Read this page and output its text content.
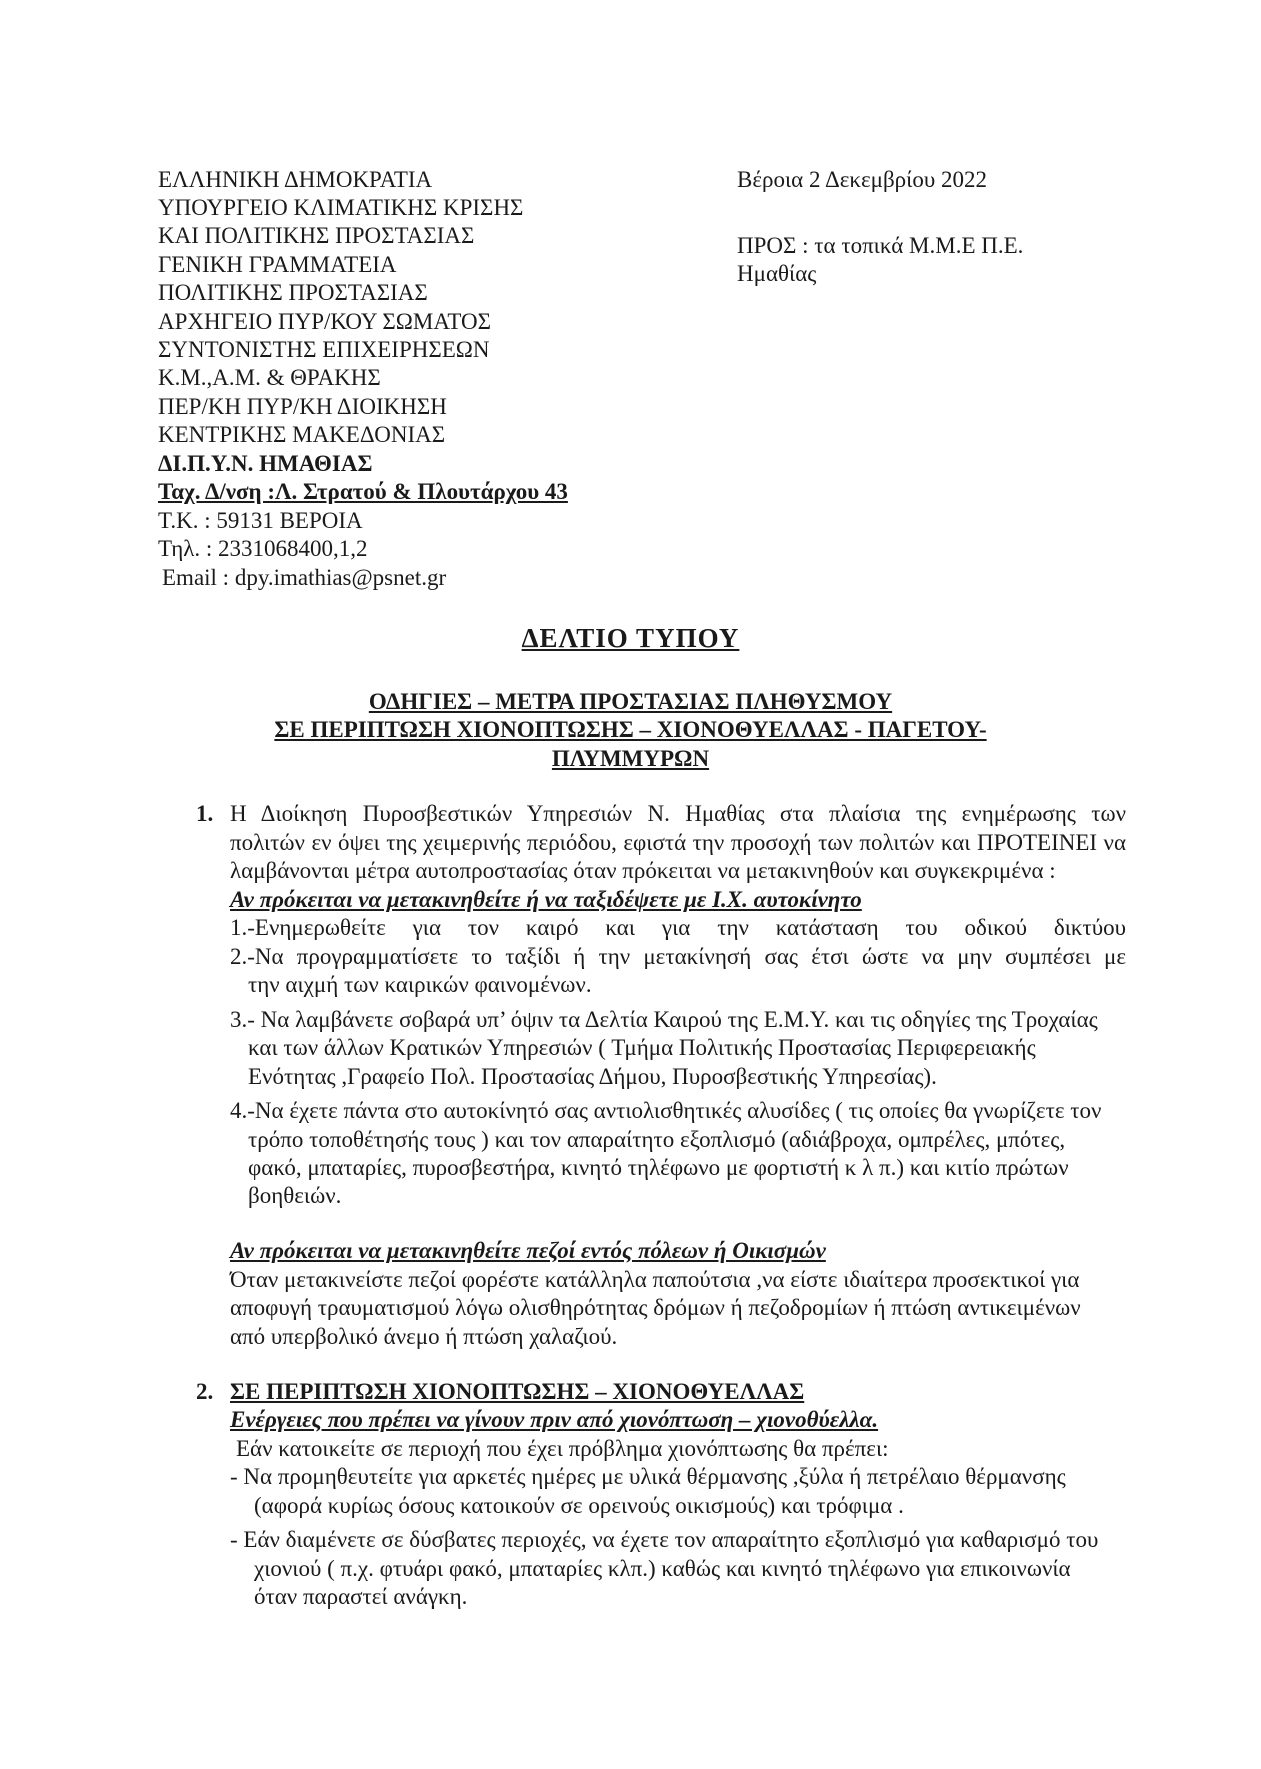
ΕΛΛΗΝΙΚΗ ΔΗΜΟΚΡΑΤΙΑ
ΥΠΟΥΡΓΕΙΟ ΚΛΙΜΑΤΙΚΗΣ ΚΡΙΣΗΣ
ΚΑΙ ΠΟΛΙΤΙΚΗΣ ΠΡΟΣΤΑΣΙΑΣ
ΓΕΝΙΚΗ ΓΡΑΜΜΑΤΕΙΑ
ΠΟΛΙΤΙΚΗΣ ΠΡΟΣΤΑΣΙΑΣ
ΑΡΧΗΓΕΙΟ ΠΥΡ/ΚΟΥ ΣΩΜΑΤΟΣ
ΣΥΝΤΟΝΙΣΤΗΣ ΕΠΙΧΕΙΡΗΣΕΩΝ
Κ.Μ.,Α.Μ. & ΘΡΑΚΗΣ
ΠΕΡ/ΚΗ ΠΥΡ/ΚΗ ΔΙΟΙΚΗΣΗ
ΚΕΝΤΡΙΚΗΣ ΜΑΚΕΔΟΝΙΑΣ
ΔΙ.Π.Υ.Ν. ΗΜΑΘΙΑΣ
Ταχ. Δ/νση :Λ. Στρατού & Πλουτάρχου 43
Τ.Κ. : 59131 ΒΕΡΟΙΑ
Τηλ. : 2331068400,1,2
Email : dpy.imathias@psnet.gr
Βέροια 2 Δεκεμβρίου 2022
ΠΡΟΣ : τα τοπικά Μ.Μ.Ε Π.Ε.
Ημαθίας
ΔΕΛΤΙΟ ΤΥΠΟΥ
ΟΔΗΓΙΕΣ – ΜΕΤΡΑ ΠΡΟΣΤΑΣΙΑΣ ΠΛΗΘΥΣΜΟΥ
ΣΕ ΠΕΡΙΠΤΩΣΗ ΧΙΟΝΟΠΤΩΣΗΣ – ΧΙΟΝΟΘΥΕΛΛΑΣ - ΠΑΓΕΤΟΥ-
ΠΛΥΜΜΥΡΩΝ
1. Η Διοίκηση Πυροσβεστικών Υπηρεσιών Ν. Ημαθίας στα πλαίσια της ενημέρωσης των
πολιτών εν όψει της χειμερινής περιόδου, εφιστά την προσοχή των πολιτών και ΠΡΟΤΕΙΝΕΙ να
λαμβάνονται μέτρα αυτοπροστασίας όταν πρόκειται να μετακινηθούν και συγκεκριμένα :
Αν πρόκειται να μετακινηθείτε ή να ταξιδέψετε με Ι.Χ. αυτοκίνητο
1.-Ενημερωθείτε για τον καιρό και για την κατάσταση του οδικού δικτύου
2.-Να προγραμματίσετε το ταξίδι ή την μετακίνησή σας έτσι ώστε να μην συμπέσει με
την αιχμή των καιρικών φαινομένων.
3.- Να λαμβάνετε σοβαρά υπ’ όψιν τα Δελτία Καιρού της Ε.Μ.Υ. και τις οδηγίες της Τροχαίας
και των άλλων Κρατικών Υπηρεσιών ( Τμήμα Πολιτικής Προστασίας Περιφερειακής
Ενότητας ,Γραφείο Πολ. Προστασίας Δήμου, Πυροσβεστικής Υπηρεσίας).
4.-Να έχετε πάντα στο αυτοκίνητό σας αντιολισθητικές αλυσίδες ( τις οποίες θα γνωρίζετε τον
τρόπο τοποθέτησής τους ) και τον απαραίτητο εξοπλισμό (αδιάβροχα, ομπρέλες, μπότες,
φακό, μπαταρίες, πυροσβεστήρα, κινητό τηλέφωνο με φορτιστή κ λ π.) και κιτίο πρώτων
βοηθειών.
Αν πρόκειται να μετακινηθείτε πεζοί εντός πόλεων ή Οικισμών
Όταν μετακινείστε πεζοί φορέστε κατάλληλα παπούτσια ,να είστε ιδιαίτερα προσεκτικοί για
αποφυγή τραυματισμού λόγω ολισθηρότητας δρόμων ή πεζοδρομίων ή πτώση αντικειμένων
από υπερβολικό άνεμο ή πτώση χαλαζιού.
2. ΣΕ ΠΕΡΙΠΤΩΣΗ ΧΙΟΝΟΠΤΩΣΗΣ – ΧΙΟΝΟΘΥΕΛΛΑΣ
Ενέργειες που πρέπει να γίνουν πριν από χιονόπτωση – χιονοθύελλα.
Εάν κατοικείτε σε περιοχή που έχει πρόβλημα χιονόπτωσης θα πρέπει:
- Να προμηθευτείτε για αρκετές ημέρες με υλικά θέρμανσης ,ξύλα ή πετρέλαιο θέρμανσης
(αφορά κυρίως όσους κατοικούν σε ορεινούς οικισμούς) και τρόφιμα .
- Εάν διαμένετε σε δύσβατες περιοχές, να έχετε τον απαραίτητο εξοπλισμό για καθαρισμό του
χιονιού ( π.χ. φτυάρι φακό, μπαταρίες κλπ.) καθώς και κινητό τηλέφωνο για επικοινωνία
όταν παραστεί ανάγκη.
